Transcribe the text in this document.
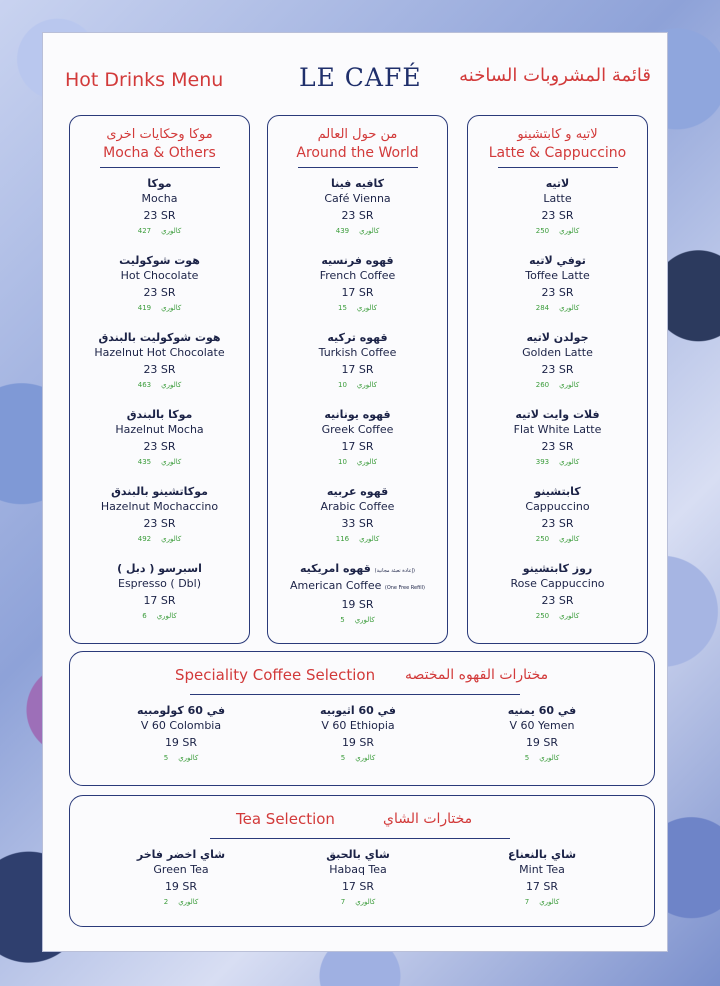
Hot Drinks Menu	LE CAFÉ قائمة المشروبات الساخنه
موكا وحكايات اخرى
Mocha & Others
موكا
Mocha
23 SR
427 كالوري
هوت شوكوليت
Hot Chocolate
23 SR
419 كالوري
هوت شوكوليت بالبندق
Hazelnut Hot Chocolate
23 SR
463 كالوري
موكا بالبندق
Hazelnut Mocha
23 SR
435 كالوري
موكاتشينو بالبندق
Hazelnut Mochaccino
23 SR
492 كالوري
اسبرسو ( دبل )
Espresso ( Dbl)
17 SR
6 كالوري
من حول العالم
Around the World
كافيه فينا
Café Vienna
23 SR
439 كالوري
قهوه فرنسيه
French Coffee
17 SR
15 كالوري
قهوه تركيه
Turkish Coffee
17 SR
10 كالوري
قهوه يونانيه
Greek Coffee
17 SR
10 كالوري
قهوه عربيه
Arabic Coffee
33 SR
116 كالوري
(إعادة تعبئة مجانية) قهوه امريكيه
American Coffee (One Free Refill)
19 SR
5 كالوري
لاتيه و كابتشينو
Latte & Cappuccino
لاتيه
Latte
23 SR
250 كالوري
توفي لاتيه
Toffee Latte
23 SR
284 كالوري
جولدن لاتيه
Golden Latte
23 SR
260 كالوري
فلات وايت لاتيه
Flat White Latte
23 SR
393 كالوري
كابتشينو
Cappuccino
23 SR
250 كالوري
روز كابتشينو
Rose Cappuccino
23 SR
250 كالوري
Speciality Coffee Selection مختارات القهوه المختصه
في 60 كولومبيه
V 60 Colombia
19 SR
5 كالوري
في 60 اثيوبيه
V 60 Ethiopia
19 SR
5 كالوري
في 60 يمنيه
V 60 Yemen
19 SR
5 كالوري
Tea Selection	مختارات الشاي
شاي اخضر فاخر
Green Tea
19 SR
2 كالوري
شاي بالحبق
Habaq Tea
17 SR
7 كالوري
شاي بالنعناع
Mint Tea
17 SR
7 كالوري
